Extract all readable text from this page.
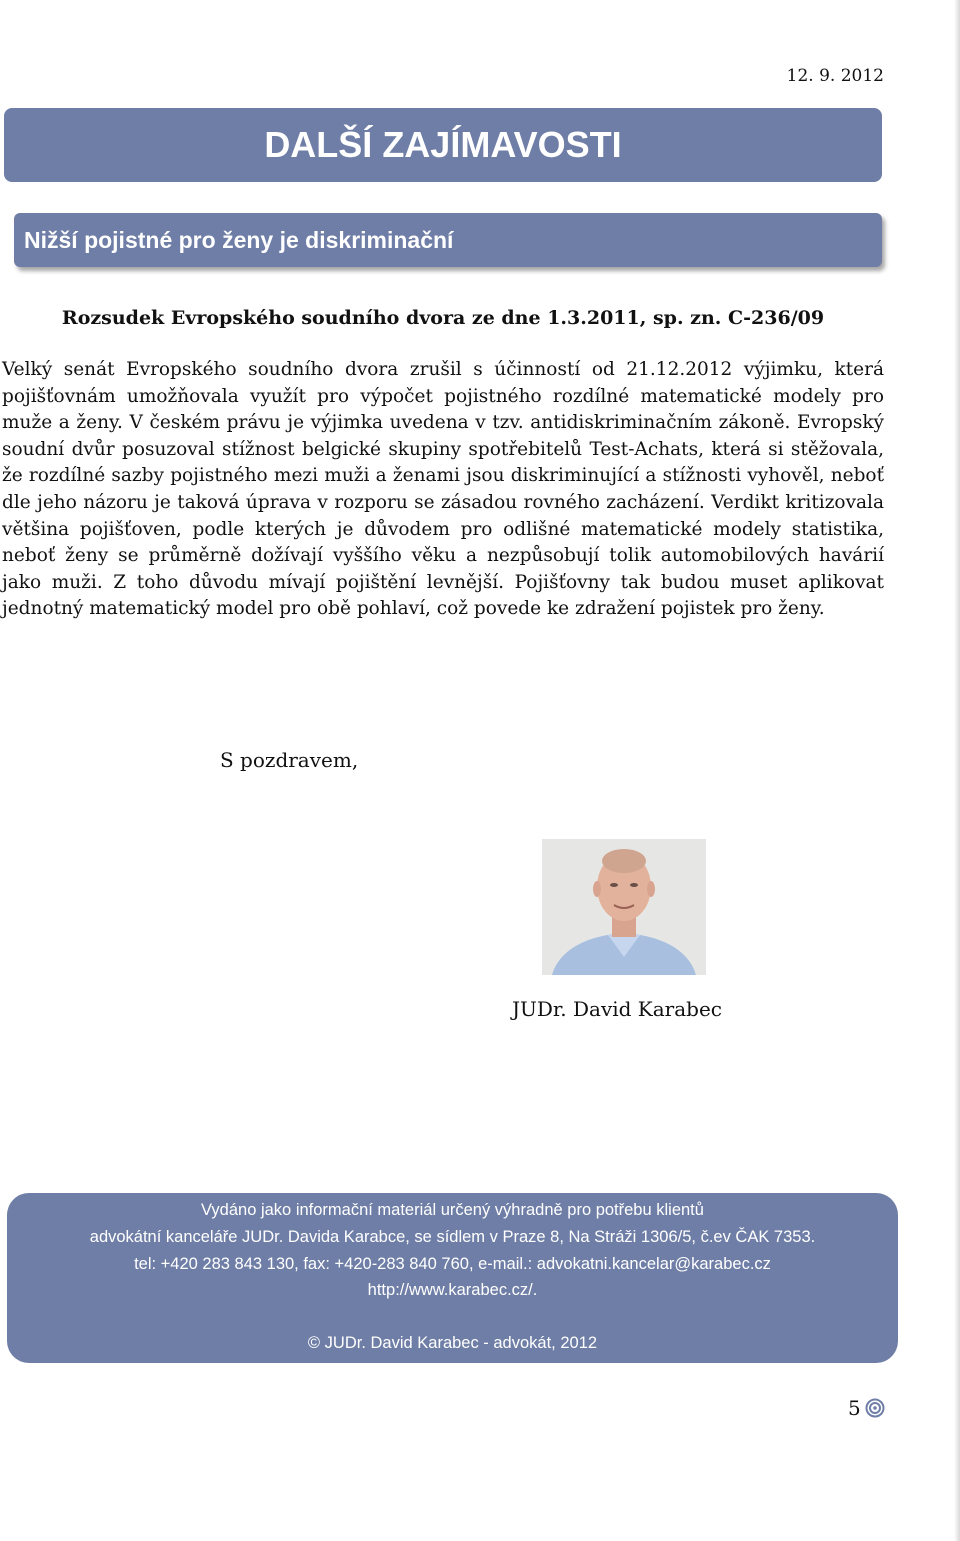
12. 9. 2012
DALŠÍ ZAJÍMAVOSTI
Nižší pojistné pro ženy je diskriminační
Rozsudek Evropského soudního dvora ze dne 1.3.2011, sp. zn. C-236/09
Velký senát Evropského soudního dvora zrušil s účinností od 21.12.2012 výjimku, která pojišťovnám umožňovala využít pro výpočet pojistného rozdílné matematické modely pro muže a ženy. V českém právu je výjimka uvedena v tzv. antidiskriminačním zákoně. Evropský soudní dvůr posuzoval stížnost belgické skupiny spotřebitelů Test-Achats, která si stěžovala, že rozdílné sazby pojistného mezi muži a ženami jsou diskriminující a stížnosti vyhověl, neboť dle jeho názoru je taková úprava v rozporu se zásadou rovného zacházení. Verdikt kritizovala většina pojišťoven, podle kterých je důvodem pro odlišné matematické modely statistika, neboť ženy se průměrně dožívají vyššího věku a nezpůsobují tolik automobilových havárií jako muži. Z toho důvodu mívají pojištění levnější. Pojišťovny tak budou muset aplikovat jednotný matematický model pro obě pohlaví, což povede ke zdražení pojistek pro ženy.
S pozdravem,
JUDr. David Karabec
Vydáno jako informační materiál určený výhradně pro potřebu klientů
advokátní kanceláře JUDr. Davida Karabce, se sídlem v Praze 8, Na Stráži 1306/5, č.ev ČAK 7353.
tel: +420 283 843 130, fax: +420-283 840 760, e-mail.: advokatni.kancelar@karabec.cz
http://www.karabec.cz/.
© JUDr. David Karabec - advokát, 2012
5
